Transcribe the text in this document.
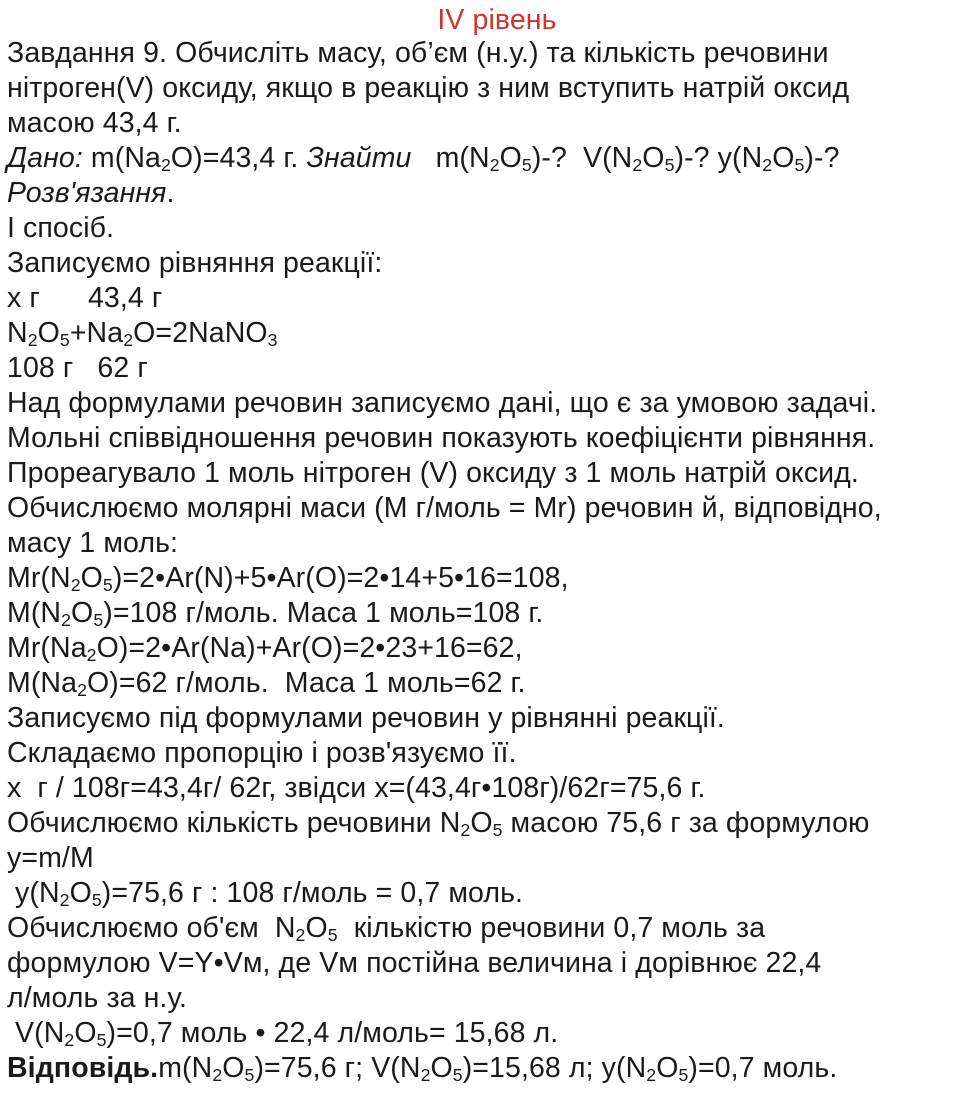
IV рівень
Завдання 9. Обчисліть масу, об’єм (н.у.) та кількість речовини
нітроген(V) оксиду, якщо в реакцію з ним вступить натрій оксид
масою 43,4 г.
Дано: $m(Na_2O)=43,4$ г. Знайти   $m(N_2O_5)-$?  $V(N_2O_5)-$? $y(N_2O_5)-$?
Розв'язання.
І спосіб.
Записуємо рівняння реакції:
х г      43,4 г
$N_2O_5+Na_2O=2NaNO_3$
108 г   62 г
Над формулами речовин записуємо дані, що є за умовою задачі.
Мольні співвідношення речовин показують коефіцієнти рівняння.
Прореагувало 1 моль нітроген (V) оксиду з 1 моль натрій оксид.
Обчислюємо молярні маси (M г/моль = Mr) речовин й, відповідно,
масу 1 моль:
$Mr(N_2O_5)=2•Ar(N)+5•Ar(O)=2•14+5•16=108$,
$M(N_2O_5)=108$ г/моль. Маса 1 моль=108 г.
$Mr(Na_2O)=2•Ar(Na)+Ar(O)=2•23+16=62$,
$M(Na_2O)=62$ г/моль.  Маса 1 моль=62 г.
Записуємо під формулами речовин у рівнянні реакції.
Складаємо пропорцію і розв'язуємо її.
х  г / 108г=43,4г/ 62г, звідси х=(43,4г•108г)/62г=75,6 г.
Обчислюємо кількість речовини $N_2O_5$ масою 75,6 г за формулою
y=m/M
$y(N_2O_5)=75,6$ г : 108 г/моль = 0,7 моль.
Обчислюємо об'єм  $N_2O_5$  кількістю речовини 0,7 моль за
формулою V=Y•Vм, де Vм постійна величина і дорівнює 22,4
л/моль за н.у.
$V(N_2O_5)=0,7$ моль • 22,4 л/моль= 15,68 л.
$Відповідь.m(N_2O_5)=75,6$ г; $V(N_2O_5)=15,68$ л; $y(N_2O_5)=0,7$ моль.
